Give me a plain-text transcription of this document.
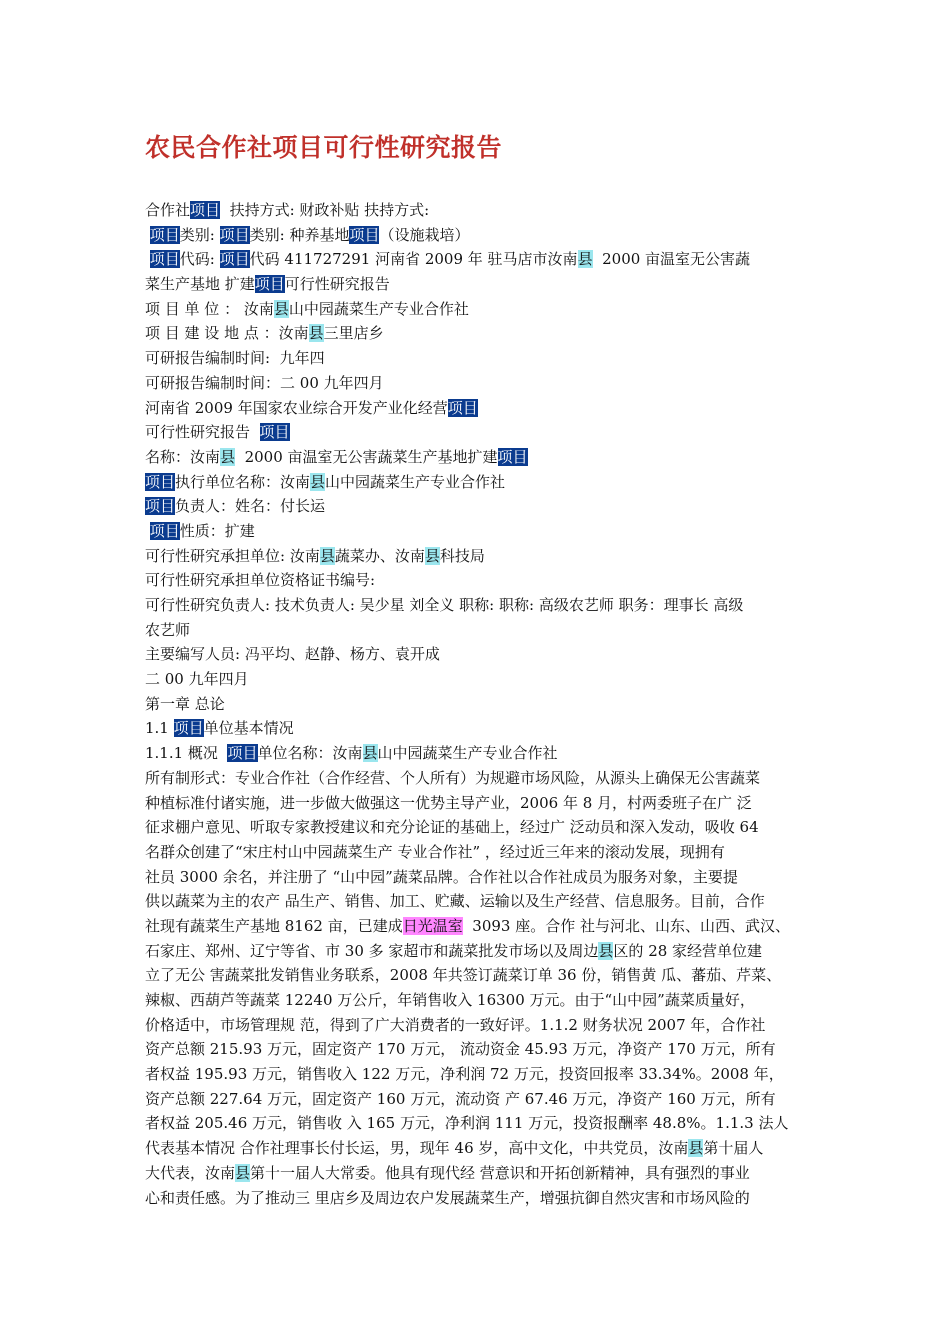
农民合作社项目可行性研究报告
合作社项目  扶持方式: 财政补贴 扶持方式:
项目类别: 项目类别: 种养基地项目（设施栽培）
项目代码: 项目代码 411727291 河南省 2009 年 驻马店市汝南县  2000 亩温室无公害蔬
菜生产基地 扩建项目可行性研究报告
项 目 单 位 ： 汝南县山中园蔬菜生产专业合作社
项 目 建 设 地 点 ：汝南县三里店乡
可研报告编制时间:  九年四
可研报告编制时间：二 00 九年四月
河南省 2009 年国家农业综合开发产业化经营项目
可行性研究报告  项目
名称：汝南县  2000 亩温室无公害蔬菜生产基地扩建项目
项目执行单位名称：汝南县山中园蔬菜生产专业合作社
项目负责人：姓名：付长运
项目性质：扩建
可行性研究承担单位: 汝南县蔬菜办、汝南县科技局
可行性研究承担单位资格证书编号:
可行性研究负责人: 技术负责人: 吴少星 刘全义 职称: 职称: 高级农艺师 职务：理事长 高级
农艺师
主要编写人员: 冯平均、赵静、杨方、袁开成
二 00 九年四月
第一章 总论
1.1 项目单位基本情况
1.1.1 概况  项目单位名称：汝南县山中园蔬菜生产专业合作社
所有制形式：专业合作社（合作经营、个人所有）为规避市场风险，从源头上确保无公害蔬菜
种植标准付诸实施，进一步做大做强这一优势主导产业，2006 年 8 月，村两委班子在广 泛
征求棚户意见、听取专家教授建议和充分论证的基础上，经过广 泛动员和深入发动，吸收 64
名群众创建了“宋庄村山中园蔬菜生产 专业合作社” ，经过近三年来的滚动发展，现拥有
社员 3000 余名，并注册了 “山中园”蔬菜品牌。合作社以合作社成员为服务对象，主要提
供以蔬菜为主的农产 品生产、销售、加工、贮藏、运输以及生产经营、信息服务。目前，合作
社现有蔬菜生产基地 8162 亩，已建成日光温室  3093 座。合作 社与河北、山东、山西、武汉、
石家庄、郑州、辽宁等省、市 30 多 家超市和蔬菜批发市场以及周边县区的 28 家经营单位建
立了无公 害蔬菜批发销售业务联系，2008 年共签订蔬菜订单 36 份，销售黄 瓜、蕃茄、芹菜、
辣椒、西葫芦等蔬菜 12240 万公斤，年销售收入 16300 万元。由于“山中园”蔬菜质量好，
价格适中，市场管理规 范，得到了广大消费者的一致好评。1.1.2 财务状况 2007 年，合作社
资产总额 215.93 万元，固定资产 170 万元， 流动资金 45.93 万元，净资产 170 万元，所有
者权益 195.93 万元，销售收入 122 万元，净利润 72 万元，投资回报率 33.34%。2008 年，
资产总额 227.64 万元，固定资产 160 万元，流动资 产 67.46 万元，净资产 160 万元，所有
者权益 205.46 万元，销售收 入 165 万元，净利润 111 万元，投资报酬率 48.8%。1.1.3 法人
代表基本情况 合作社理事长付长运，男，现年 46 岁，高中文化，中共党员，汝南县第十届人
大代表，汝南县第十一届人大常委。他具有现代经 营意识和开拓创新精神，具有强烈的事业
心和责任感。为了推动三 里店乡及周边农户发展蔬菜生产，增强抗御自然灾害和市场风险的
